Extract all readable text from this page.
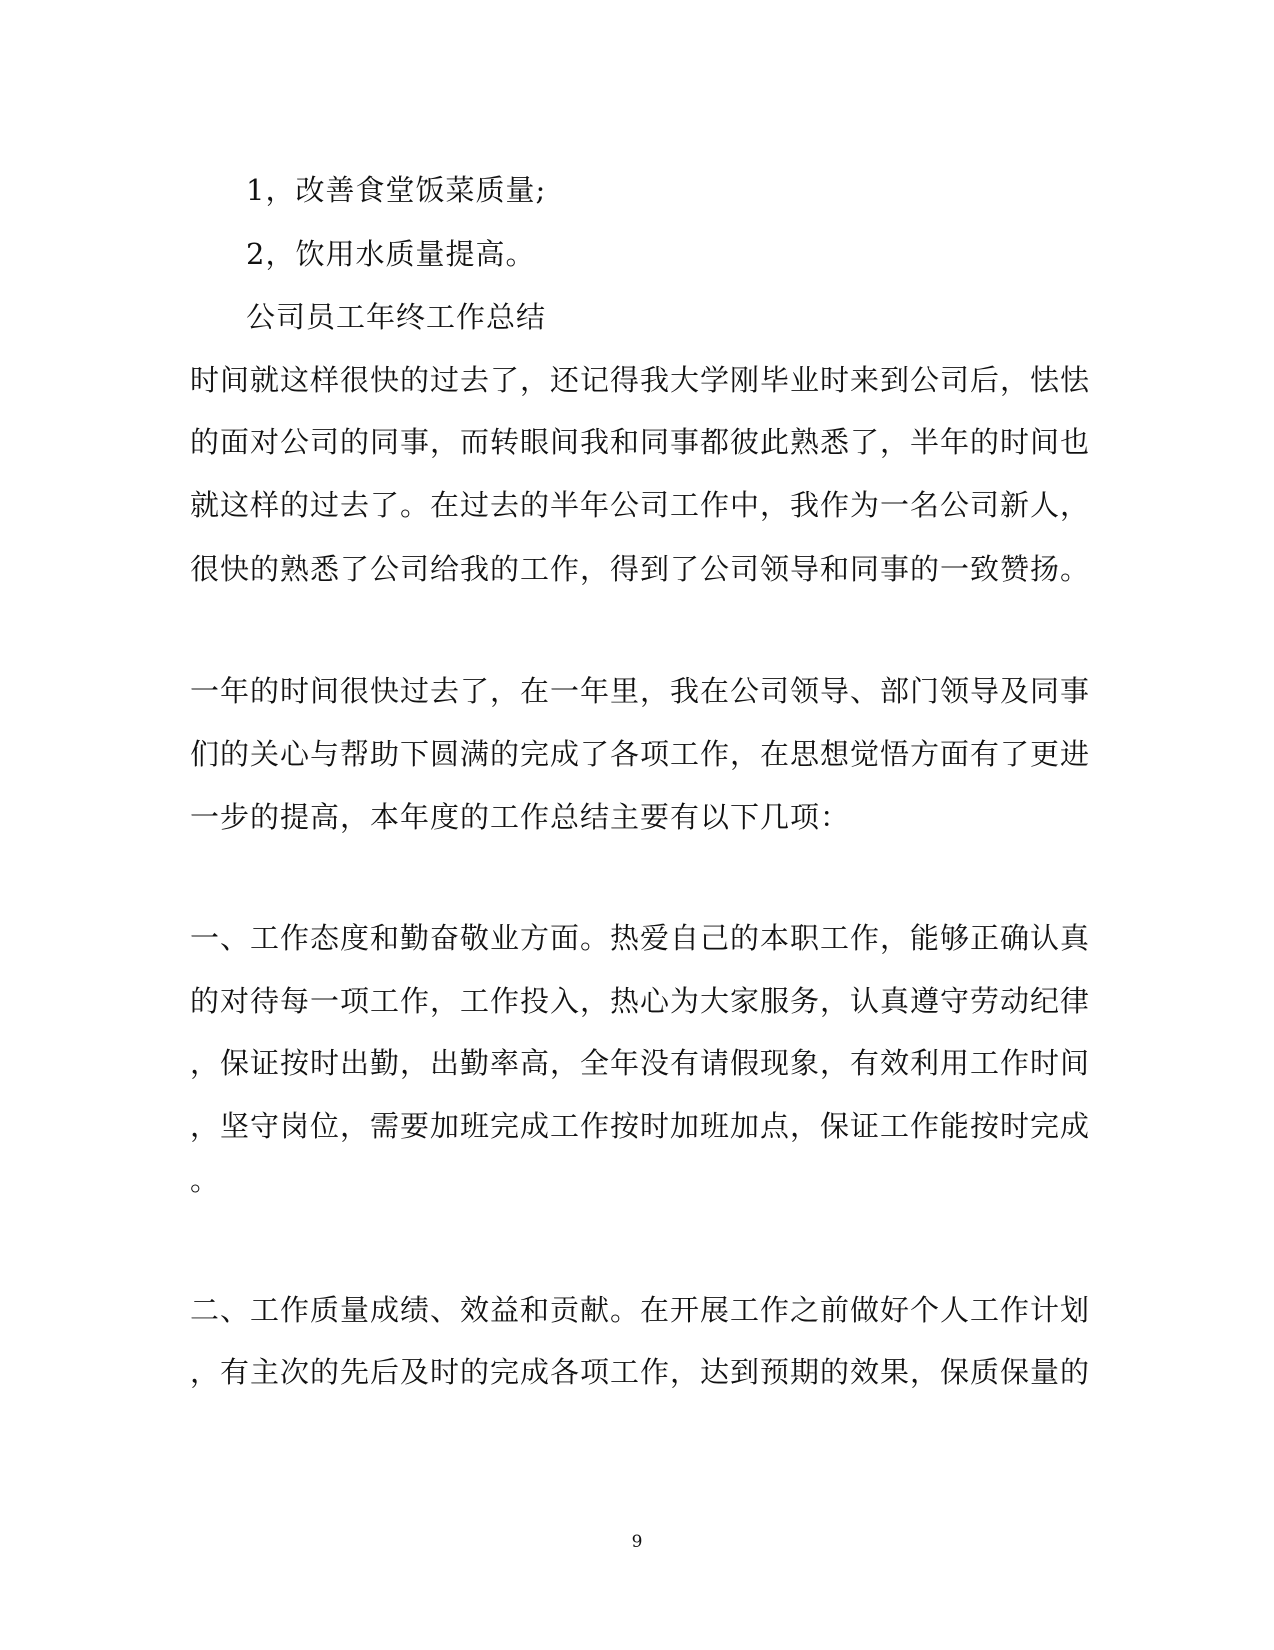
1，改善食堂饭菜质量;
2，饮用水质量提高。
公司员工年终工作总结
时间就这样很快的过去了，还记得我大学刚毕业时来到公司后，怯怯
的面对公司的同事，而转眼间我和同事都彼此熟悉了，半年的时间也
就这样的过去了。在过去的半年公司工作中，我作为一名公司新人，
很快的熟悉了公司给我的工作，得到了公司领导和同事的一致赞扬。
一年的时间很快过去了，在一年里，我在公司领导、部门领导及同事
们的关心与帮助下圆满的完成了各项工作，在思想觉悟方面有了更进
一步的提高，本年度的工作总结主要有以下几项：
一、工作态度和勤奋敬业方面。热爱自己的本职工作，能够正确认真
的对待每一项工作，工作投入，热心为大家服务，认真遵守劳动纪律
，保证按时出勤，出勤率高，全年没有请假现象，有效利用工作时间
，坚守岗位，需要加班完成工作按时加班加点，保证工作能按时完成
。
二、工作质量成绩、效益和贡献。在开展工作之前做好个人工作计划
，有主次的先后及时的完成各项工作，达到预期的效果，保质保量的
9
